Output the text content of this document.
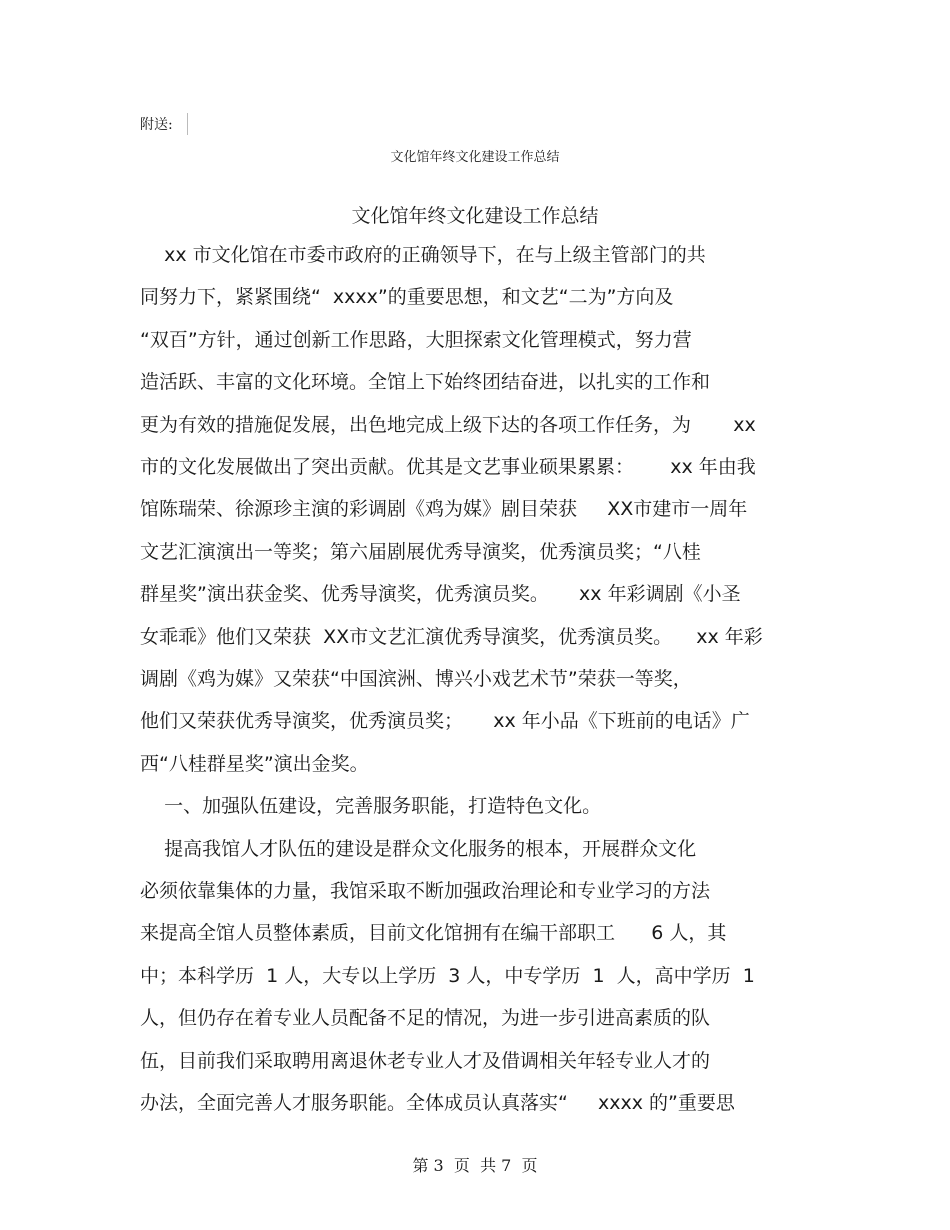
附送:
文化馆年终文化建设工作总结
文化馆年终文化建设工作总结
xx 市文化馆在市委市政府的正确领导下，在与上级主管部门的共
同努力下，紧紧围绕“  xxxx”的重要思想，和文艺“二为”方向及
“双百”方针，通过创新工作思路，大胆探索文化管理模式，努力营
造活跃、丰富的文化环境。全馆上下始终团结奋进，以扎实的工作和
更为有效的措施促发展，出色地完成上级下达的各项工作任务，为       xx
市的文化发展做出了突出贡献。优其是文艺事业硕果累累：      xx 年由我
馆陈瑞荣、徐源珍主演的彩调剧《鸡为媒》剧目荣获     XX市建市一周年
文艺汇演演出一等奖；第六届剧展优秀导演奖，优秀演员奖；“八桂
群星奖”演出获金奖、优秀导演奖，优秀演员奖。     xx 年彩调剧《小圣
女乖乖》他们又荣获  XX市文艺汇演优秀导演奖，优秀演员奖。    xx 年彩
调剧《鸡为媒》又荣获“中国滨洲、博兴小戏艺术节”荣获一等奖，
他们又荣获优秀导演奖，优秀演员奖；     xx 年小品《下班前的电话》广
西“八桂群星奖”演出金奖。
一、加强队伍建设，完善服务职能，打造特色文化。
提高我馆人才队伍的建设是群众文化服务的根本，开展群众文化
必须依靠集体的力量，我馆采取不断加强政治理论和专业学习的方法
来提高全馆人员整体素质，目前文化馆拥有在编干部职工      6 人，其
中；本科学历  1 人，大专以上学历  3 人，中专学历  1  人，高中学历  1
人，但仍存在着专业人员配备不足的情况，为进一步引进高素质的队
伍，目前我们采取聘用离退休老专业人才及借调相关年轻专业人才的
办法，全面完善人才服务职能。全体成员认真落实“     xxxx 的”重要思
第 3  页  共 7  页
